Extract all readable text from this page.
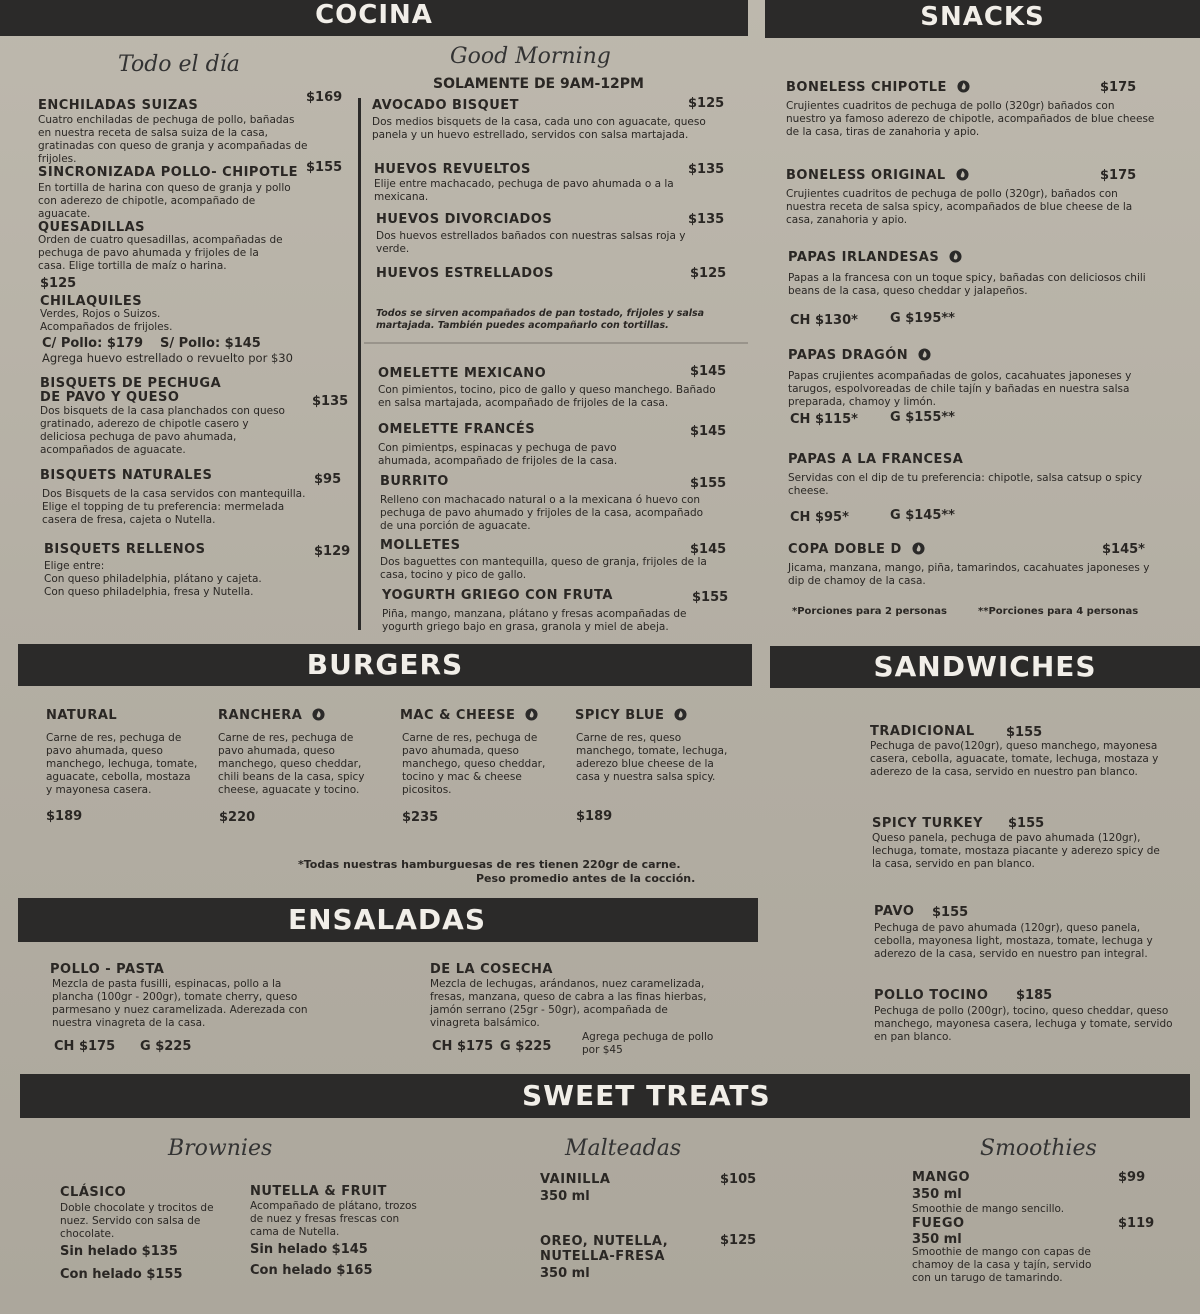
COCINA
Todo el día	Good Morning
SOLAMENTE DE 9AM-12PM
ENCHILADAS SUIZAS
$169
Cuatro enchiladas de pechuga de pollo, bañadas en nuestra receta de salsa suiza de la casa, gratinadas con queso de granja y acompañadas de frijoles.
SINCRONIZADA POLLO- CHIPOTLE $155
En tortilla de harina con queso de granja y pollo con aderezo de chipotle, acompañado de aguacate.
QUESADILLAS
Orden de cuatro quesadillas, acompañadas de pechuga de pavo ahumada y frijoles de la casa. Elige tortilla de maíz o harina.
$125
CHILAQUILES
Verdes, Rojos o Suizos. Acompañados de frijoles.
C/ Pollo: $179 S/ Pollo: $145
Agrega huevo estrellado o revuelto por $30
BISQUETS DE PECHUGA
DE PAVO Y QUESO	$135
Dos bisquets de la casa planchados con queso gratinado, aderezo de chipotle casero y deliciosa pechuga de pavo ahumada, acompañados de aguacate.
BISQUETS NATURALES	$95
Dos Bisquets de la casa servidos con mantequilla. Elige el topping de tu preferencia: mermelada casera de fresa, cajeta o Nutella.
BISQUETS RELLENOS	$129
Elige entre:
Con queso philadelphia, plátano y cajeta.
Con queso philadelphia, fresa y Nutella.
AVOCADO BISQUET	$125
Dos medios bisquets de la casa, cada uno con aguacate, queso panela y un huevo estrellado, servidos con salsa martajada.
HUEVOS REVUELTOS	$135
Elije entre machacado, pechuga de pavo ahumada o a la mexicana.
HUEVOS DIVORCIADOS	$135
Dos huevos estrellados bañados con nuestras salsas roja y verde.
HUEVOS ESTRELLADOS	$125
Todos se sirven acompañados de pan tostado, frijoles y salsa martajada. También puedes acompañarlo con tortillas.
OMELETTE MEXICANO	$145
Con pimientos, tocino, pico de gallo y queso manchego. Bañado en salsa martajada, acompañado de frijoles de la casa.
OMELETTE FRANCÉS	$145
Con pimientps, espinacas y pechuga de pavo ahumada, acompañado de frijoles de la casa.
BURRITO	$155
Relleno con machacado natural o a la mexicana ó huevo con pechuga de pavo ahumado y frijoles de la casa, acompañado de una porción de aguacate.
MOLLETES	$145
Dos baguettes con mantequilla, queso de granja, frijoles de la casa, tocino y pico de gallo.
YOGURTH GRIEGO CON FRUTA	$155
Piña, mango, manzana, plátano y fresas acompañadas de yogurth griego bajo en grasa, granola y miel de abeja.
SNACKS
BONELESS CHIPOTLE	$175
Crujientes cuadritos de pechuga de pollo (320gr) bañados con nuestro ya famoso aderezo de chipotle, acompañados de blue cheese de la casa, tiras de zanahoria y apio.
BONELESS ORIGINAL	$175
Crujientes cuadritos de pechuga de pollo (320gr), bañados con nuestra receta de salsa spicy, acompañados de blue cheese de la casa, zanahoria y apio.
PAPAS IRLANDESAS
Papas a la francesa con un toque spicy, bañadas con deliciosos chili beans de la casa, queso cheddar y jalapeños.
CH $130* G $195**
PAPAS DRAGÓN
Papas crujientes acompañadas de golos, cacahuates japoneses y tarugos, espolvoreadas de chile tajín y bañadas en nuestra salsa preparada, chamoy y limón.
CH $115* G $155**
PAPAS A LA FRANCESA
Servidas con el dip de tu preferencia: chipotle, salsa catsup o spicy cheese.
CH $95*	G $145**
COPA DOBLE D	$145*
Jicama, manzana, mango, piña, tamarindos, cacahuates japoneses y dip de chamoy de la casa.
*Porciones para 2 personas	**Porciones para 4 personas
BURGERS
NATURAL
Carne de res, pechuga de pavo ahumada, queso manchego, lechuga, tomate, aguacate, cebolla, mostaza y mayonesa casera.
$189
RANCHERA
Carne de res, pechuga de pavo ahumada, queso manchego, queso cheddar, chili beans de la casa, spicy cheese, aguacate y tocino.
$220
MAC & CHEESE
Carne de res, pechuga de pavo ahumada, queso manchego, queso cheddar, tocino y mac & cheese picositos.
$235
SPICY BLUE
Carne de res, queso manchego, tomate, lechuga, aderezo blue cheese de la casa y nuestra salsa spicy.
$189
*Todas nuestras hamburguesas de res tienen 220gr de carne.
Peso promedio antes de la cocción.
SANDWICHES
TRADICIONAL $155
Pechuga de pavo(120gr), queso manchego, mayonesa casera, cebolla, aguacate, tomate, lechuga, mostaza y aderezo de la casa, servido en nuestro pan blanco.
SPICY TURKEY $155
Queso panela, pechuga de pavo ahumada (120gr), lechuga, tomate, mostaza piacante y aderezo spicy de la casa, servido en pan blanco.
PAVO $155
Pechuga de pavo ahumada (120gr), queso panela, cebolla, mayonesa light, mostaza, tomate, lechuga y aderezo de la casa, servido en nuestro pan integral.
POLLO TOCINO $185
Pechuga de pollo (200gr), tocino, queso cheddar, queso manchego, mayonesa casera, lechuga y tomate, servido en pan blanco.
ENSALADAS
POLLO - PASTA
Mezcla de pasta fusilli, espinacas, pollo a la plancha (100gr - 200gr), tomate cherry, queso parmesano y nuez caramelizada. Aderezada con nuestra vinagreta de la casa.
CH $175 G $225
DE LA COSECHA
Mezcla de lechugas, arándanos, nuez caramelizada, fresas, manzana, queso de cabra a las finas hierbas, jamón serrano (25gr - 50gr), acompañada de vinagreta balsámico.
CH $175 G $225
Agrega pechuga de pollo por $45
SWEET TREATS
Brownies	Malteadas	Smoothies
CLÁSICO
Doble chocolate y trocitos de nuez. Servido con salsa de chocolate.
Sin helado $135
Con helado $155
NUTELLA & FRUIT
Acompañado de plátano, trozos de nuez y fresas frescas con cama de Nutella.
Sin helado $145
Con helado $165
VAINILLA	$105
350 ml
OREO, NUTELLA,
NUTELLA-FRESA
$125
350 ml
MANGO	$99
350 ml
Smoothie de mango sencillo.
FUEGO	$119
350 ml
Smoothie de mango con capas de chamoy de la casa y tajín, servido con un tarugo de tamarindo.
